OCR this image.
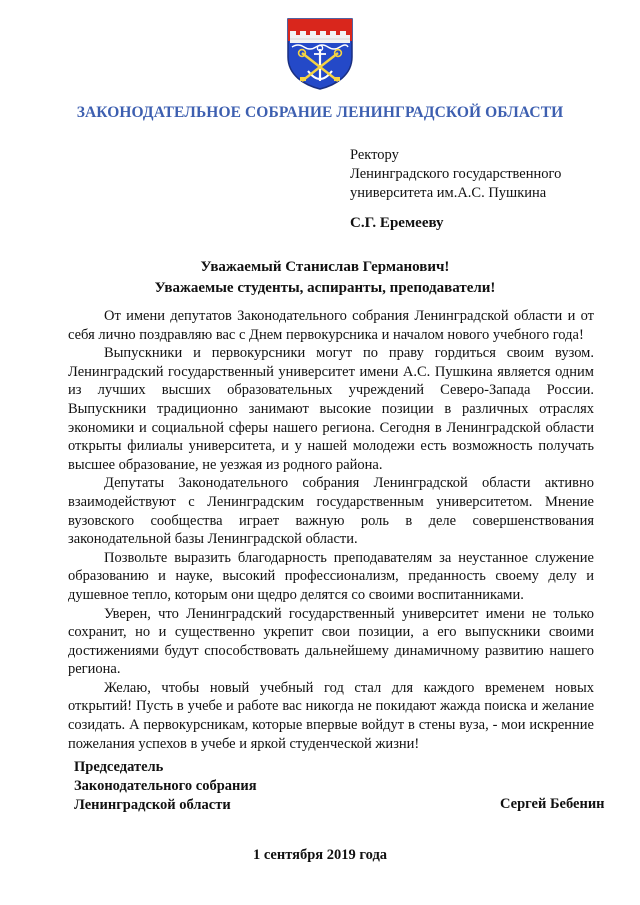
ЗАКОНОДАТЕЛЬНОЕ СОБРАНИЕ ЛЕНИНГРАДСКОЙ ОБЛАСТИ
Ректору
Ленинградского государственного
университета им.А.С. Пушкина
С.Г. Еремееву
Уважаемый Станислав Германович!
Уважаемые студенты, аспиранты, преподаватели!

От имени депутатов Законодательного собрания Ленинградской области и от себя лично поздравляю вас с Днем первокурсника и началом нового учебного года!

Выпускники и первокурсники могут по праву гордиться своим вузом. Ленинградский государственный университет имени А.С. Пушкина является одним из лучших высших образовательных учреждений Северо-Запада России. Выпускники традиционно занимают высокие позиции в различных отраслях экономики и социальной сферы нашего региона. Сегодня в Ленинградской области открыты филиалы университета, и у нашей молодежи есть возможность получать высшее образование, не уезжая из родного района.

Депутаты Законодательного собрания Ленинградской области активно взаимодействуют с Ленинградским государственным университетом. Мнение вузовского сообщества играет важную роль в деле совершенствования законодательной базы Ленинградской области.

Позвольте выразить благодарность преподавателям за неустанное служение образованию и науке, высокий профессионализм, преданность своему делу и душевное тепло, которым они щедро делятся со своими воспитанниками.

Уверен, что Ленинградский государственный университет имени не только сохранит, но и существенно укрепит свои позиции, а его выпускники своими достижениями будут способствовать дальнейшему динамичному развитию нашего региона.

Желаю, чтобы новый учебный год стал для каждого временем новых открытий! Пусть в учебе и работе вас никогда не покидают жажда поиска и желание созидать. А первокурсникам, которые впервые войдут в стены вуза, - мои искренние пожелания успехов в учебе и яркой студенческой жизни!

Председатель
Законодательного собрания
Ленинградской области	Сергей Бебенин
1 сентября 2019 года
